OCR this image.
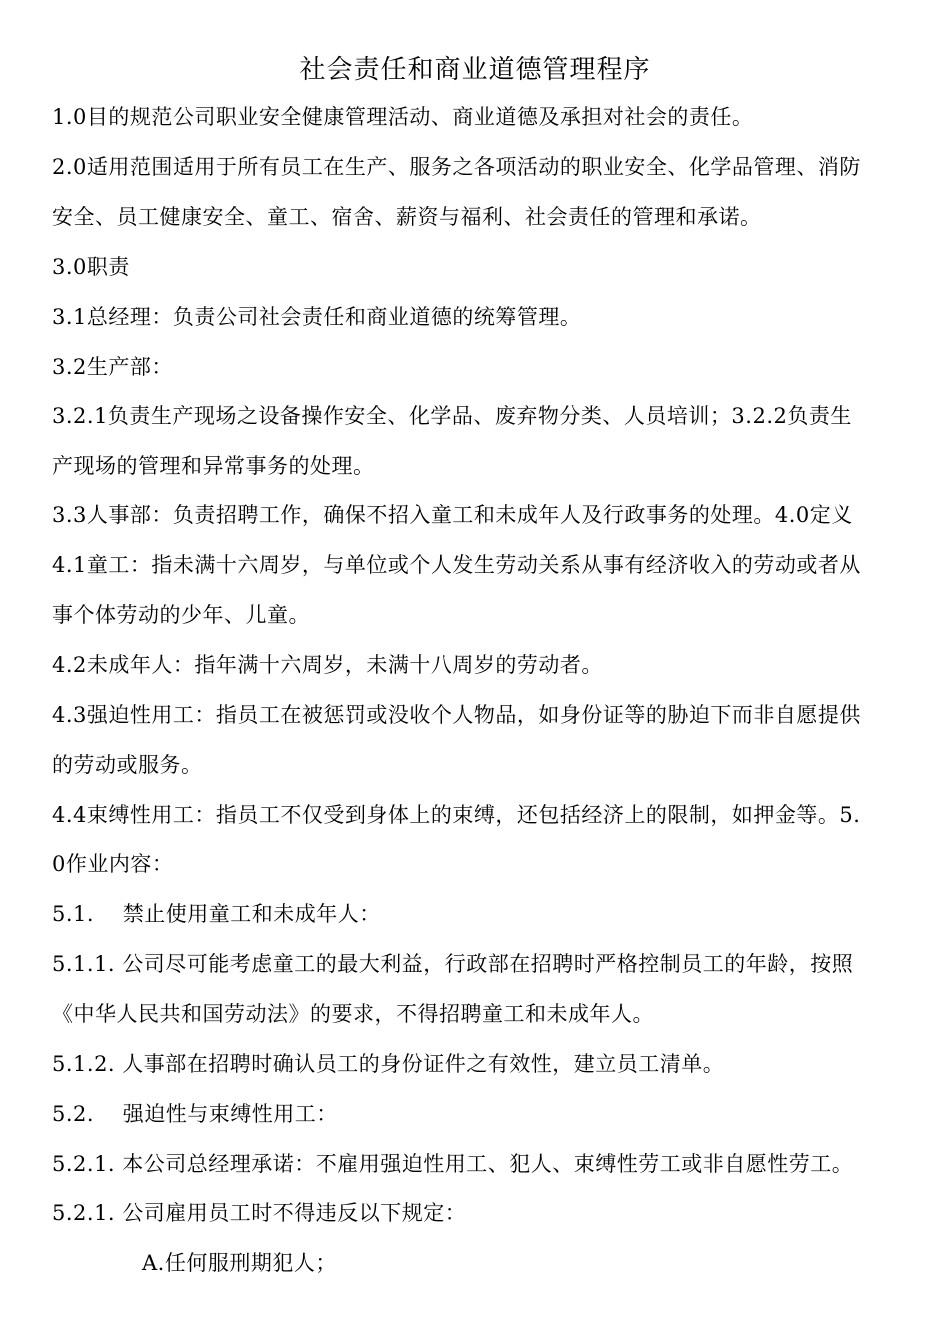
社会责任和商业道德管理程序
1.0目的规范公司职业安全健康管理活动、商业道德及承担对社会的责任。
2.0适用范围适用于所有员工在生产、服务之各项活动的职业安全、化学品管理、消防
安全、员工健康安全、童工、宿舍、薪资与福利、社会责任的管理和承诺。
3.0职责
3.1总经理：负责公司社会责任和商业道德的统筹管理。
3.2生产部：
3.2.1负责生产现场之设备操作安全、化学品、废弃物分类、人员培训；3.2.2负责生
产现场的管理和异常事务的处理。
3.3人事部：负责招聘工作，确保不招入童工和未成年人及行政事务的处理。4.0定义
4.1童工：指未满十六周岁，与单位或个人发生劳动关系从事有经济收入的劳动或者从
事个体劳动的少年、儿童。
4.2未成年人：指年满十六周岁，未满十八周岁的劳动者。
4.3强迫性用工：指员工在被惩罚或没收个人物品，如身份证等的胁迫下而非自愿提供
的劳动或服务。
4.4束缚性用工：指员工不仅受到身体上的束缚，还包括经济上的限制，如押金等。5.
0作业内容：
5.1.    禁止使用童工和未成年人：
5.1.1. 公司尽可能考虑童工的最大利益，行政部在招聘时严格控制员工的年龄，按照
《中华人民共和国劳动法》的要求，不得招聘童工和未成年人。
5.1.2. 人事部在招聘时确认员工的身份证件之有效性，建立员工清单。
5.2.    强迫性与束缚性用工：
5.2.1. 本公司总经理承诺：不雇用强迫性用工、犯人、束缚性劳工或非自愿性劳工。
5.2.1. 公司雇用员工时不得违反以下规定：
A.任何服刑期犯人；
